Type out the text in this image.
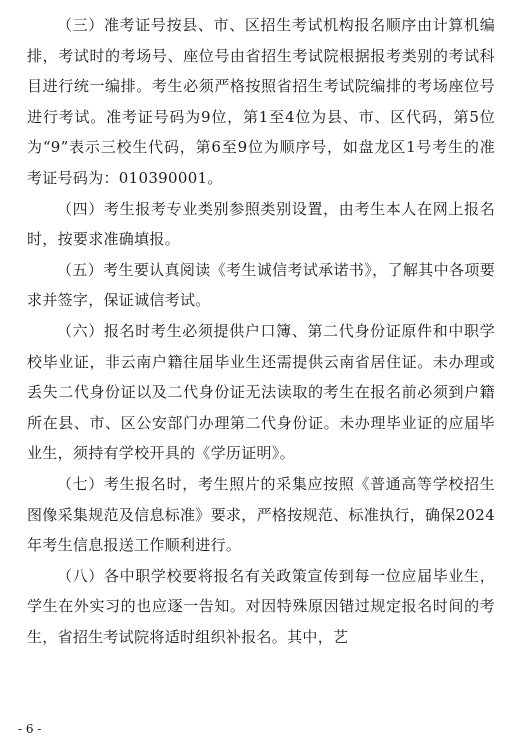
（三）准考证号按县、市、区招生考试机构报名顺序由计算机编排，考试时的考场号、座位号由省招生考试院根据报考类别的考试科目进行统一编排。考生必须严格按照省招生考试院编排的考场座位号进行考试。准考证号码为9位，第1至4位为县、市、区代码，第5位为“9”表示三校生代码，第6至9位为顺序号，如盘龙区1号考生的准考证号码为：010390001。

（四）考生报考专业类别参照类别设置，由考生本人在网上报名时，按要求准确填报。

（五）考生要认真阅读《考生诚信考试承诺书》，了解其中各项要求并签字，保证诚信考试。

（六）报名时考生必须提供户口簿、第二代身份证原件和中职学校毕业证，非云南户籍往届毕业生还需提供云南省居住证。未办理或丢失二代身份证以及二代身份证无法读取的考生在报名前必须到户籍所在县、市、区公安部门办理第二代身份证。未办理毕业证的应届毕业生，须持有学校开具的《学历证明》。

（七）考生报名时，考生照片的采集应按照《普通高等学校招生图像采集规范及信息标准》要求，严格按规范、标准执行，确保2024年考生信息报送工作顺利进行。

（八）各中职学校要将报名有关政策宣传到每一位应届毕业生，学生在外实习的也应逐一告知。对因特殊原因错过规定报名时间的考生，省招生考试院将适时组织补报名。其中，艺

- 6 -
